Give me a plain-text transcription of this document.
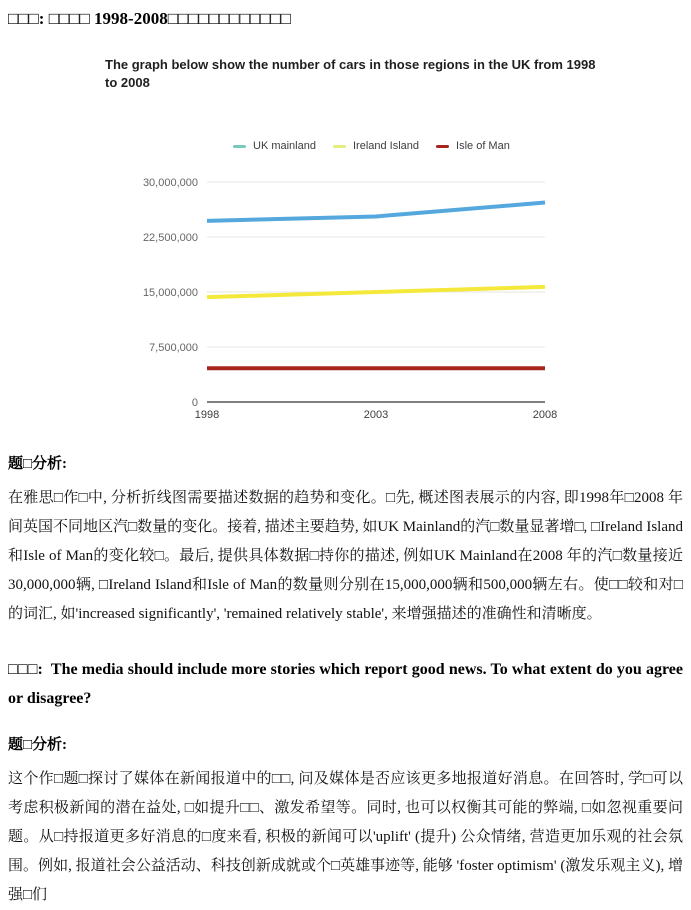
□□□: □□□□ 1998-2008□□□□□□□□□□□□
The graph below show the number of cars in those regions in the UK from 1998 to 2008
UK mainland	Ireland Island	Isle of Man
0
7,500,000
15,000,000
22,500,000
30,000,000
1998	2003	2008
题□分析:

在雅思□作□中, 分析折线图需要描述数据的趋势和变化。□先, 概述图表展示的内容, 即1998年□2008 年间英国不同地区汽□数量的变化。接着, 描述主要趋势, 如UK Mainland的汽□数量显著增□, □Ireland Island和Isle of Man的变化较□。最后, 提供具体数据□持你的描述, 例如UK Mainland在2008 年的汽□数量接近30,000,000辆, □Ireland Island和Isle of Man的数量则分别在15,000,000辆和500,000辆左右。使□□较和对□的词汇, 如'increased significantly', 'remained relatively stable', 来增强描述的准确性和清晰度。

□□□:  The media should include more stories which report good news. To what extent do you agree or disagree?
题□分析:

这个作□题□探讨了媒体在新闻报道中的□□, 问及媒体是否应该更多地报道好消息。在回答时, 学□可以考虑积极新闻的潜在益处, □如提升□□、激发希望等。同时, 也可以权衡其可能的弊端, □如忽视重要问题。从□持报道更多好消息的□度来看, 积极的新闻可以'uplift' (提升) 公众情绪, 营造更加乐观的社会氛围。例如, 报道社会公益活动、科技创新成就或个□英雄事迹等, 能够 'foster optimism' (激发乐观主义), 增强□们
